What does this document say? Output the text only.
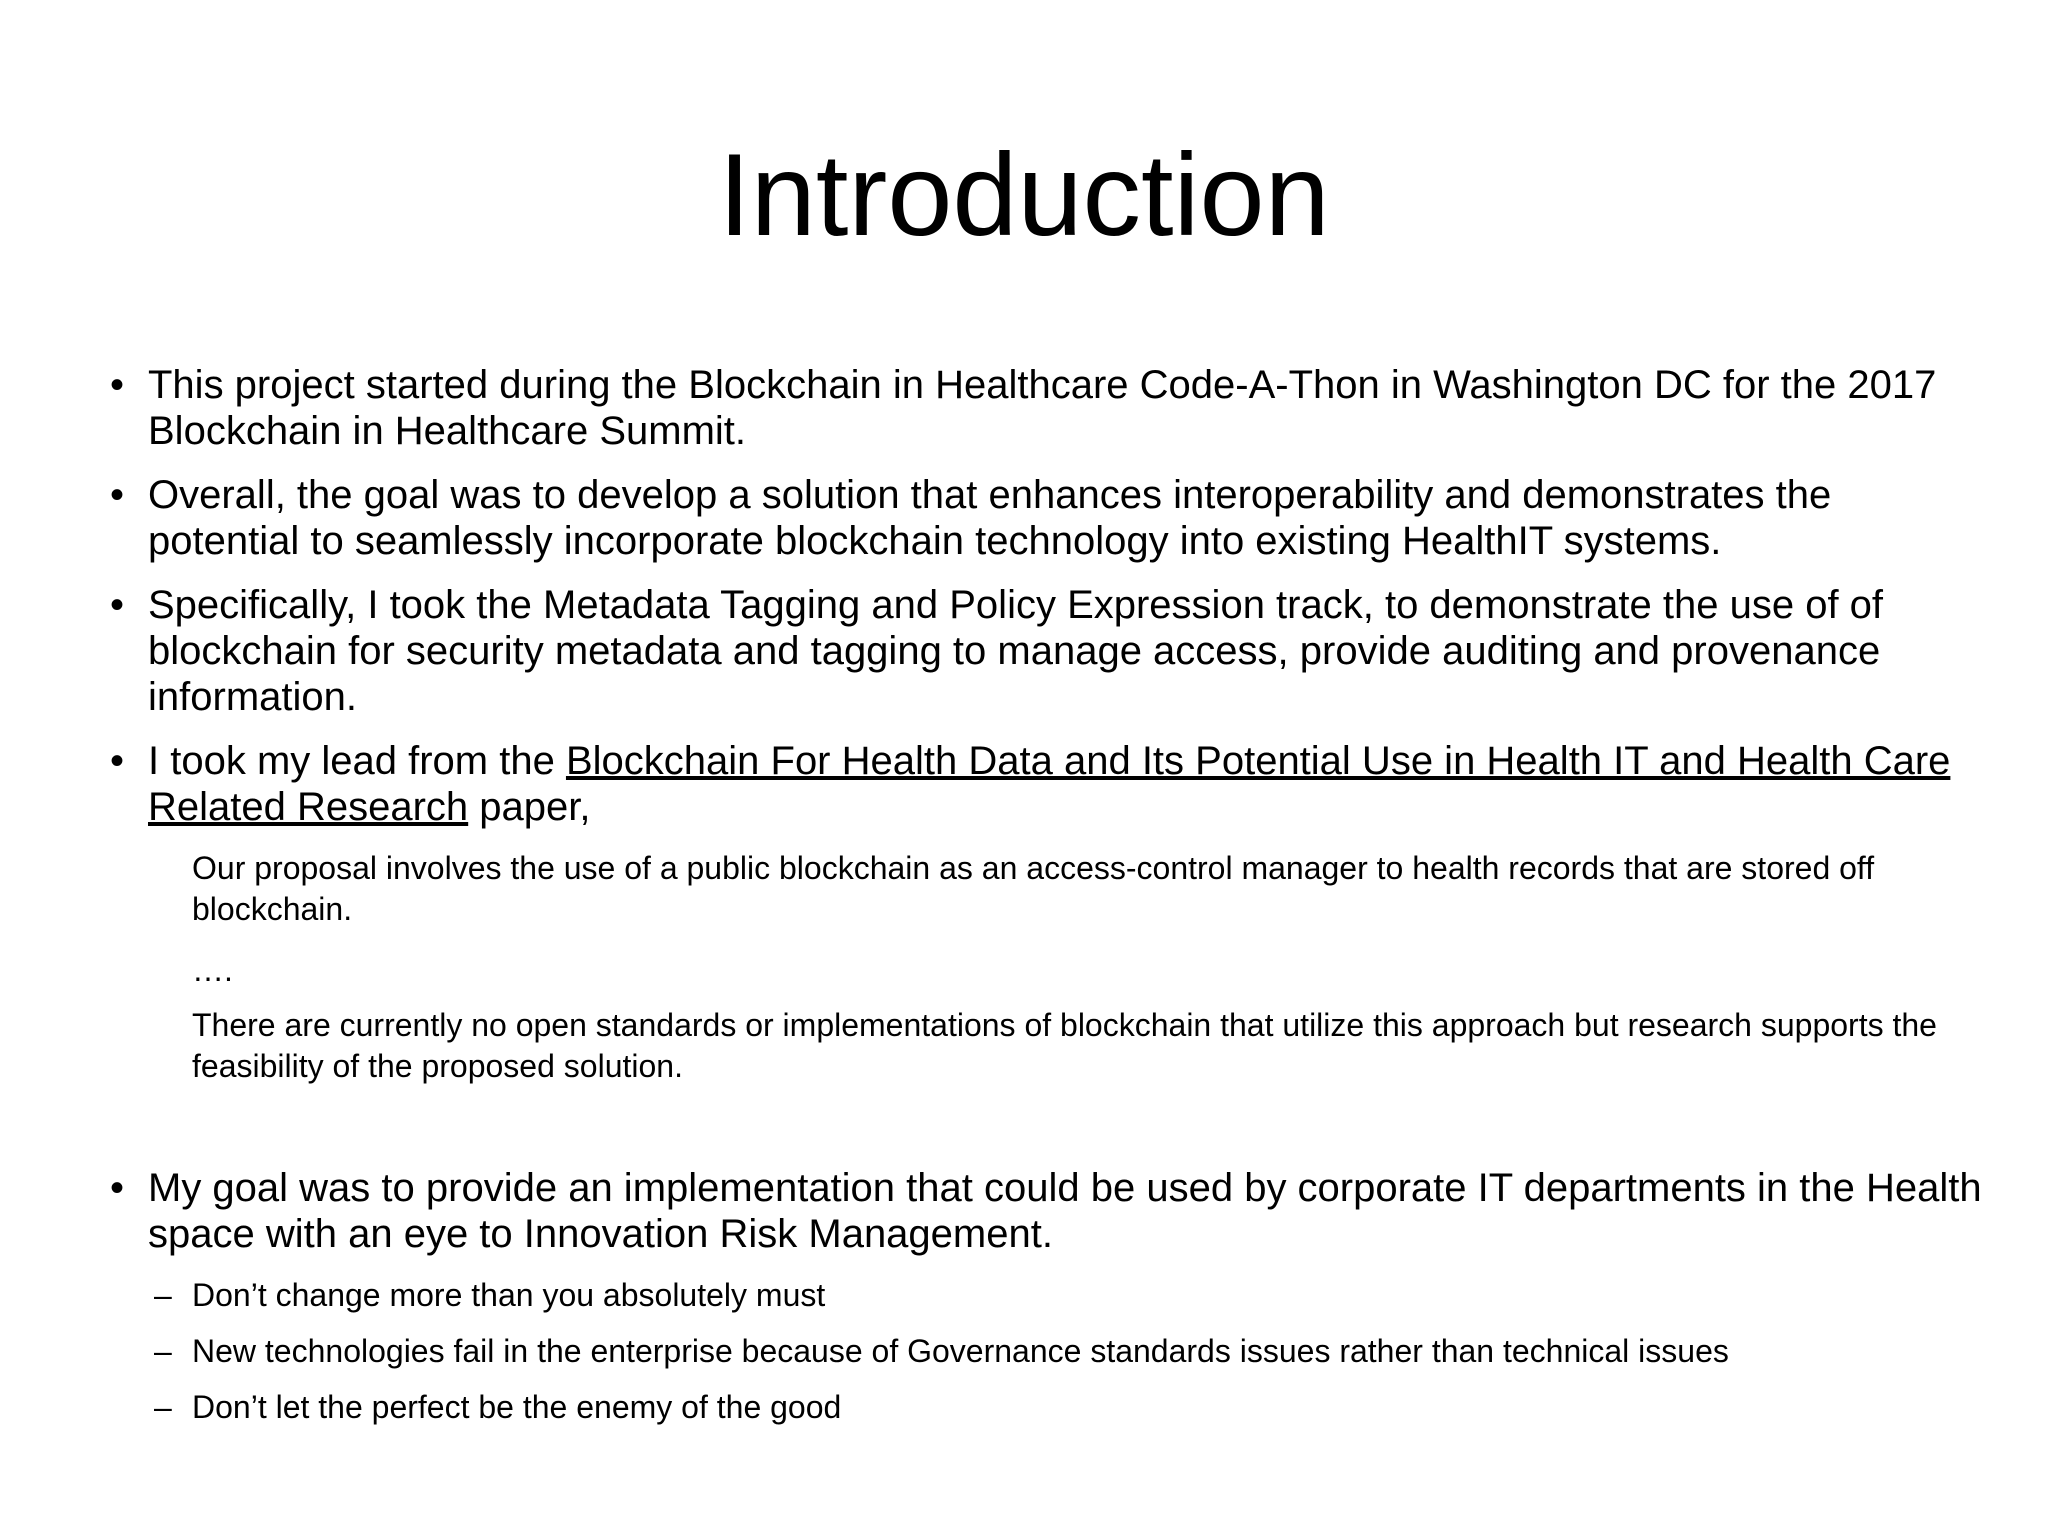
Introduction
• This project started during the Blockchain in Healthcare Code-A-Thon in Washington DC for the 2017 Blockchain in Healthcare Summit.
• Overall, the goal was to develop a solution that enhances interoperability and demonstrates the potential to seamlessly incorporate blockchain technology into existing HealthIT systems.
• Specifically, I took the Metadata Tagging and Policy Expression track, to demonstrate the use of of blockchain for security metadata and tagging to manage access, provide auditing and provenance information.
• I took my lead from the Blockchain For Health Data and Its Potential Use in Health IT and Health Care Related Research paper,
Our proposal involves the use of a public blockchain as an access-control manager to health records that are stored off blockchain.
….
There are currently no open standards or implementations of blockchain that utilize this approach but research supports the feasibility of the proposed solution.
• My goal was to provide an implementation that could be used by corporate IT departments in the Health space with an eye to Innovation Risk Management.
– Don’t change more than you absolutely must
– New technologies fail in the enterprise because of Governance standards issues rather than technical issues
– Don’t let the perfect be the enemy of the good
